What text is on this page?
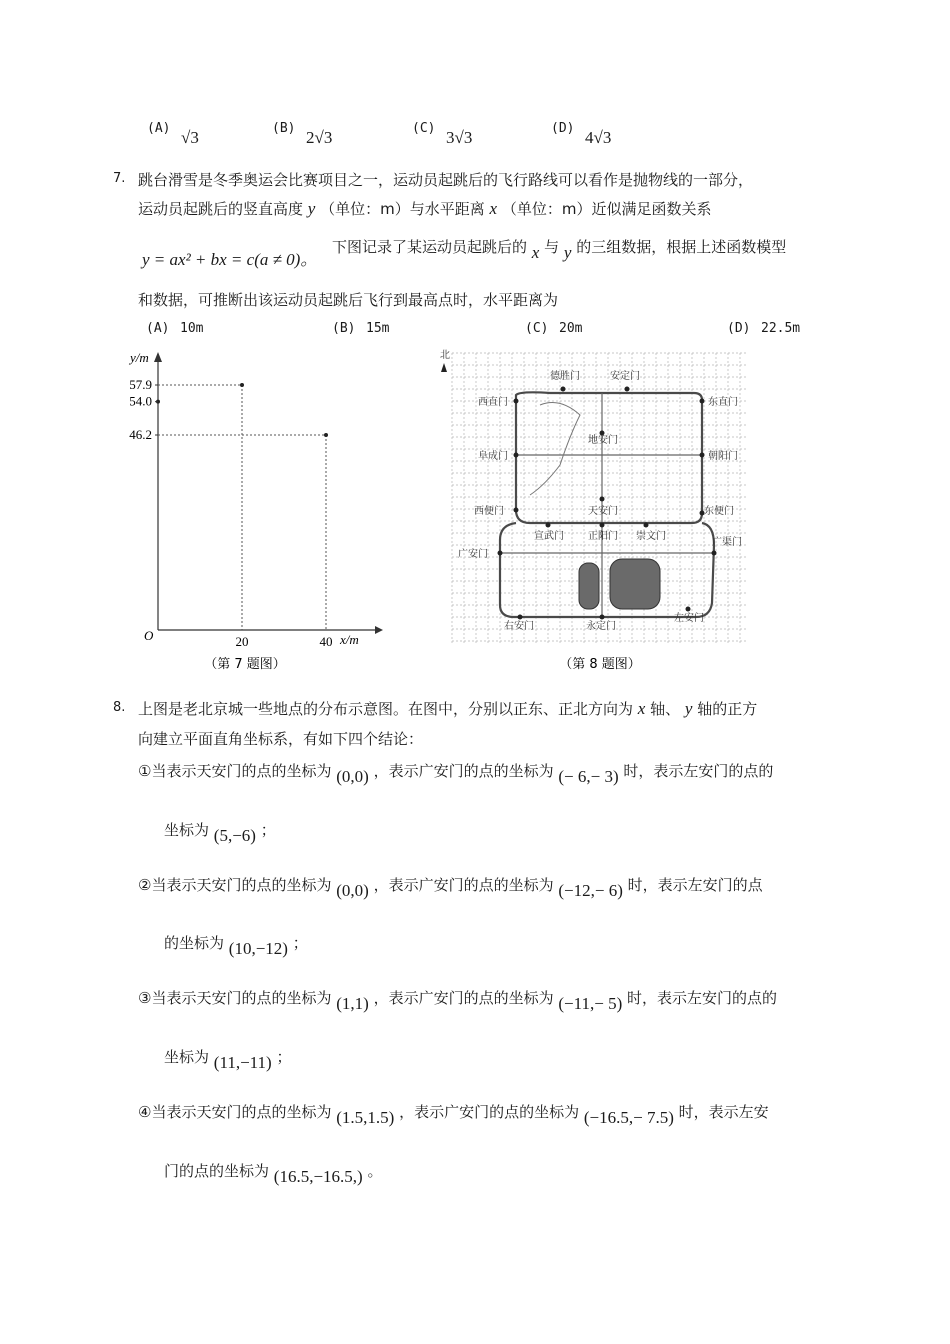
(A) √3	(B) 2√3	(C) 3√3	(D) 4√3
7. 跳台滑雪是冬季奥运会比赛项目之一，运动员起跳后的飞行路线可以看作是抛物线的一部分，
运动员起跳后的竖直高度 y （单位：m）与水平距离 x （单位：m）近似满足函数关系
y = ax² + bx = c(a ≠ 0)。
下图记录了某运动员起跳后的 x 与 y 的三组数据，根据上述函数模型
和数据，可推断出该运动员起跳后飞行到最高点时，水平距离为
(A) 10m	(B) 15m	(C) 20m	(D) 22.5m
57.9
54.0
46.2
20	40
y/m
x/m
O
（第 7 题图）
北
德胜门	安定门
西直门	东直门
地安门
阜成门	朝阳门
西便门	天安门	东便门
宣武门 正阳门 崇文门
广安门
广渠门
右安门	永定门
左安门
（第 8 题图）
8. 上图是老北京城一些地点的分布示意图。在图中，分别以正东、正北方向为 x 轴、 y 轴的正方
向建立平面直角坐标系，有如下四个结论：
①当表示天安门的点的坐标为 (0,0) ，表示广安门的点的坐标为 (− 6,− 3) 时，表示左安门的点的
坐标为 (5,−6) ；
②当表示天安门的点的坐标为 (0,0) ，表示广安门的点的坐标为 (−12,− 6) 时，表示左安门的点
的坐标为 (10,−12) ；
③当表示天安门的点的坐标为 (1,1) ，表示广安门的点的坐标为 (−11,− 5) 时，表示左安门的点的
坐标为 (11,−11) ；
④当表示天安门的点的坐标为 (1.5,1.5) ，表示广安门的点的坐标为 (−16.5,− 7.5) 时，表示左安
门的点的坐标为 (16.5,−16.5,) 。
